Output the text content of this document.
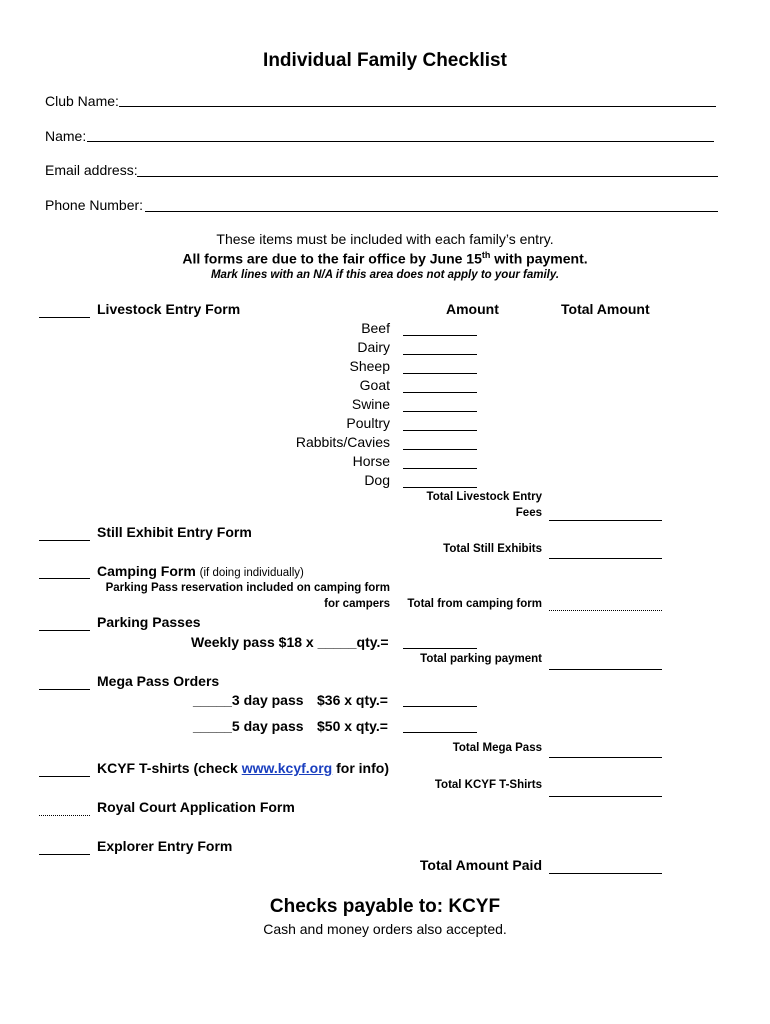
Individual Family Checklist
Club Name:
Name:
Email address:
Phone Number:
These items must be included with each family’s entry.
All forms are due to the fair office by June 15th with payment.
Mark lines with an N/A if this area does not apply to your family.
Livestock Entry Form	Amount	Total Amount
Beef
Dairy
Sheep
Goat
Swine
Poultry
Rabbits/Cavies
Horse
Dog
Total Livestock Entry
Fees
Still Exhibit Entry Form
Total Still Exhibits
Camping Form (if doing individually)
Parking Pass reservation included on camping form
for campers	Total from camping form
Parking Passes
Weekly pass $18 x _____qty.=
Total parking payment
Mega Pass Orders
_____3 day pass $36 x qty.=
_____5 day pass $50 x qty.=
Total Mega Pass
KCYF T-shirts (check www.kcyf.org for info)
Total KCYF T-Shirts
Royal Court Application Form
Explorer Entry Form
Total Amount Paid
Checks payable to: KCYF
Cash and money orders also accepted.
